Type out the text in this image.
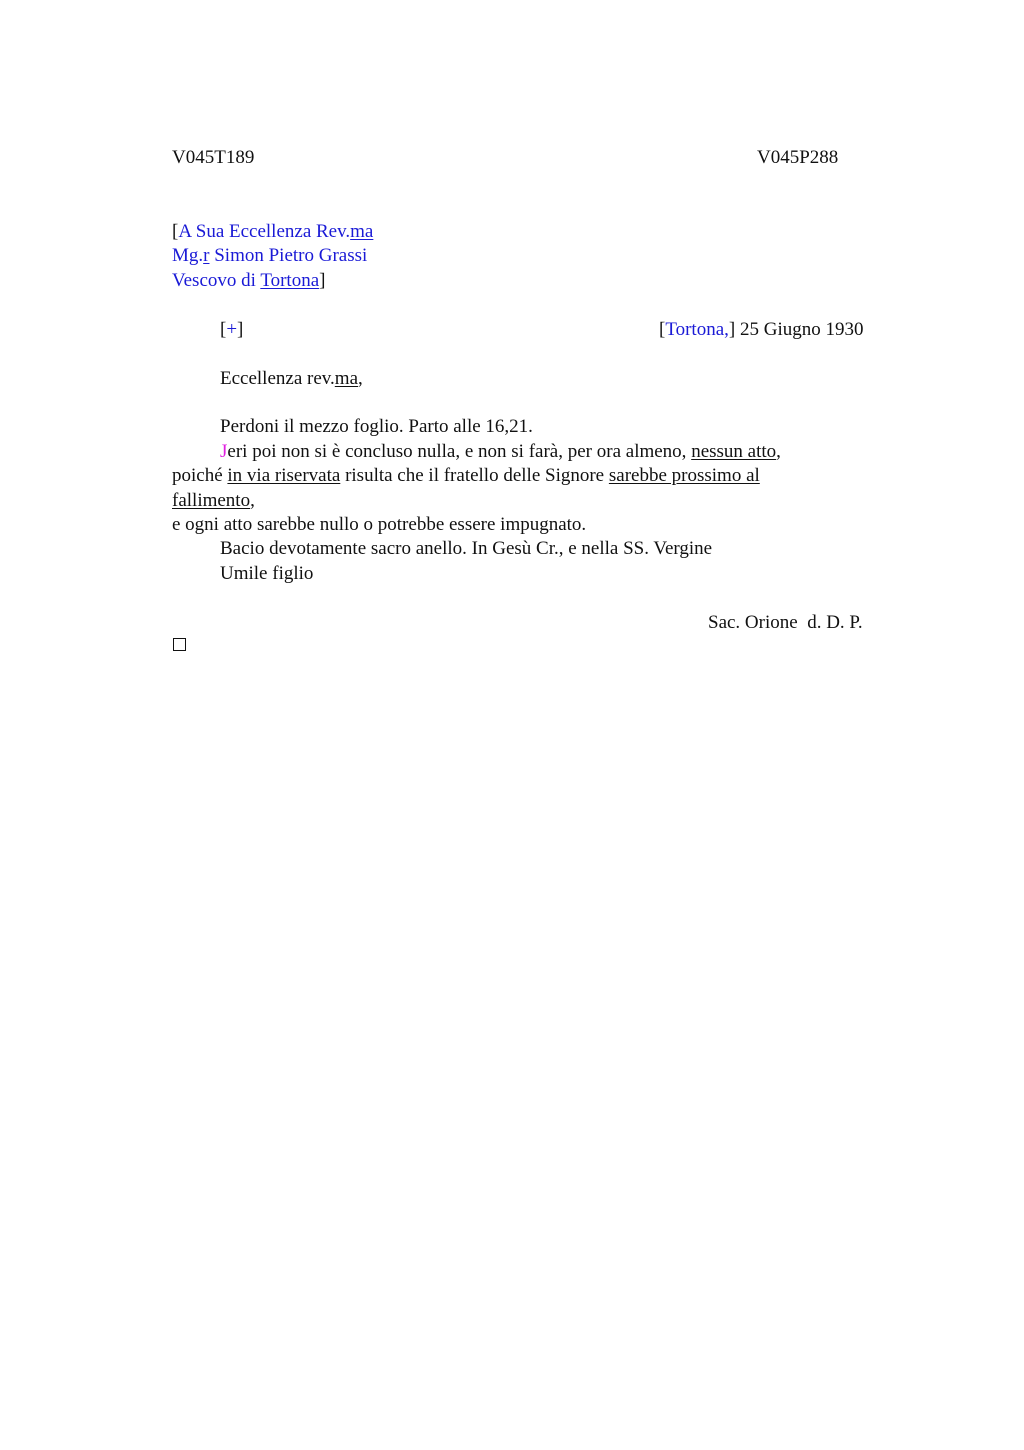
V045T189	V045P288
[A Sua Eccellenza Rev.ma
Mg.r Simon Pietro Grassi
Vescovo di Tortona]
[+]	[Tortona,] 25 Giugno 1930
Eccellenza rev.ma,
Perdoni il mezzo foglio. Parto alle 16,21.
Jeri poi non si è concluso nulla, e non si farà, per ora almeno, nessun atto,
poiché in via riservata risulta che il fratello delle Signore sarebbe prossimo al
fallimento,
e ogni atto sarebbe nullo o potrebbe essere impugnato.
Bacio devotamente sacro anello. In Gesù Cr., e nella SS. Vergine
Umile figlio
Sac. Orione  d. D. P.
